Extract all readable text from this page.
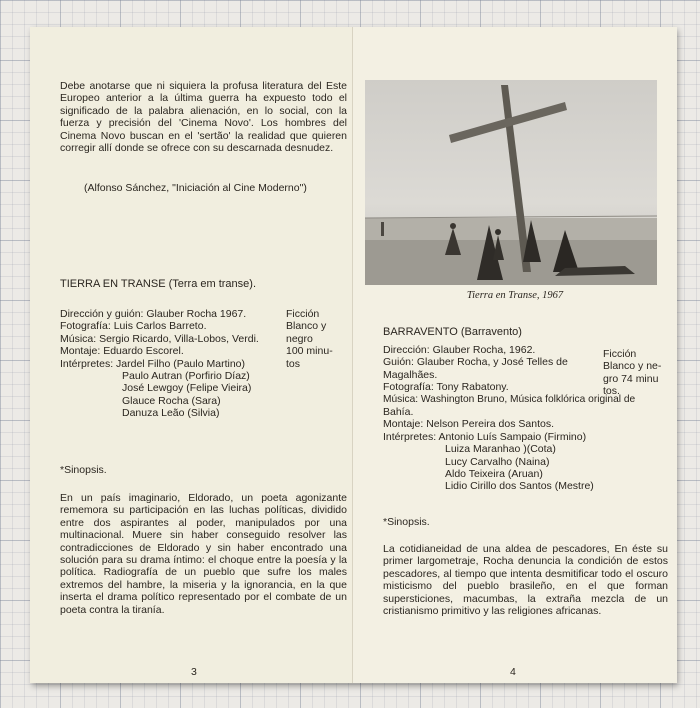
Debe anotarse que ni siquiera la profusa literatura del Este Europeo anterior a la última guerra ha expuesto todo el significado de la palabra alienación, en lo social, con la fuerza y precisión del 'Cinema Novo'. Los hombres del Cinema Novo buscan en el 'sertão' la realidad que quieren corregir allí donde se ofrece con su descarnada desnudez.

(Alfonso Sánchez, "Iniciación al Cine Moderno")

TIERRA EN TRANSE (Terra em transe).

Dirección y guión: Glauber Rocha 1967.
Fotografía: Luis Carlos Barreto.
Música: Sergio Ricardo, Villa-Lobos, Verdi.
Montaje: Eduardo Escorel.
Intérpretes: Jardel Filho (Paulo Martino)
Paulo Autran (Porfirio Díaz)
José Lewgoy (Felipe Vieira)
Glauce Rocha (Sara)
Danuza Leão (Silvia)
Ficción
Blanco y
negro
100 minu-
tos

*Sinopsis.

En un país imaginario, Eldorado, un poeta agonizante rememora su participación en las luchas políticas, dividido entre dos aspirantes al poder, manipulados por una multinacional. Muere sin haber conseguido resolver las contradicciones de Eldorado y sin haber encontrado una solución para su drama íntimo: el choque entre la poesía y la política. Radiografía de un pueblo que sufre los males extremos del hambre, la miseria y la ignorancia, en la que inserta el drama político representado por el combate de un poeta contra la tiranía.

3
Tierra en Transe, 1967

BARRAVENTO (Barravento)

Dirección: Glauber Rocha, 1962.
Guión: Glauber Rocha, y José Telles de
Magalhães.
Fotografía: Tony Rabatony.
Música: Washington Bruno, Música folklórica original de
Bahía.
Montaje: Nelson Pereira dos Santos.
Intérpretes: Antonio Luís Sampaio (Firmino)
Luiza Maranhao )(Cota)
Lucy Carvalho (Naina)
Aldo Teixeira (Aruan)
Lidio Cirillo dos Santos (Mestre)
Ficción
Blanco y ne-
gro 74 minu
tos.

*Sinopsis.

La cotidianeidad de una aldea de pescadores, En éste su primer largometraje, Rocha denuncia la condición de estos pescadores, al tiempo que intenta desmitificar todo el oscuro misticismo del pueblo brasileño, en el que forman supersticiones, macumbas, la extraña mezcla de un cristianismo primitivo y las religiones africanas.

4
